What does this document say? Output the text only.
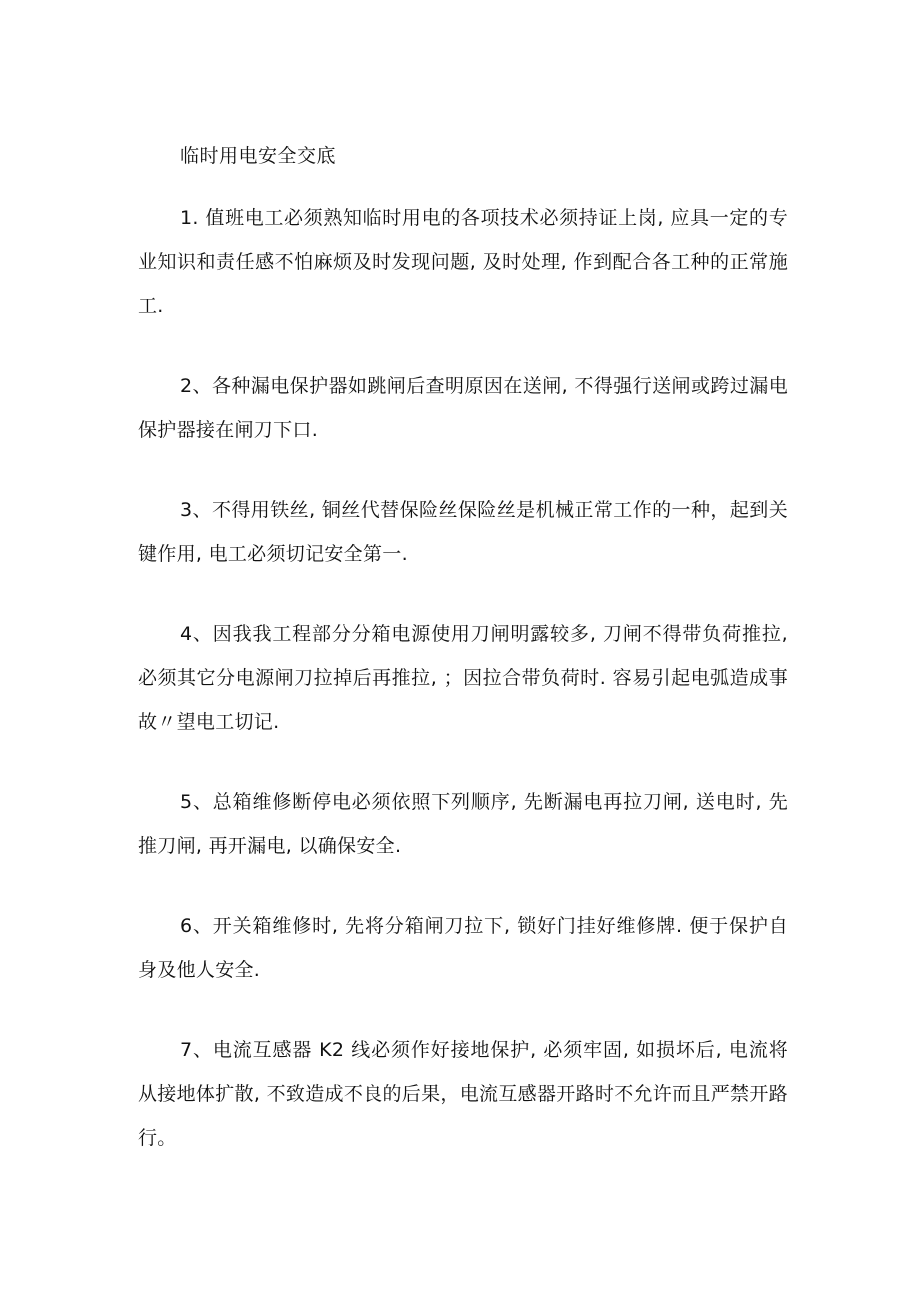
临时用电安全交底

1. 值班电工必须熟知临时用电的各项技术必须持证上岗, 应具一定的专业知识和责任感不怕麻烦及时发现问题, 及时处理, 作到配合各工种的正常施工.

2、各种漏电保护器如跳闸后查明原因在送闸, 不得强行送闸或跨过漏电保护器接在闸刀下口.

3、不得用铁丝, 铜丝代替保险丝保险丝是机械正常工作的一种，起到关键作用, 电工必须切记安全第一.

4、因我我工程部分分箱电源使用刀闸明露较多, 刀闸不得带负荷推拉, 必须其它分电源闸刀拉掉后再推拉, ；因拉合带负荷时. 容易引起电弧造成事故〃望电工切记.

5、总箱维修断停电必须依照下列顺序, 先断漏电再拉刀闸, 送电时, 先推刀闸, 再开漏电, 以确保安全.

6、开关箱维修时, 先将分箱闸刀拉下, 锁好门挂好维修牌. 便于保护自身及他人安全.

7、电流互感器 K2 线必须作好接地保护, 必须牢固, 如损坏后, 电流将从接地体扩散, 不致造成不良的后果，电流互感器开路时不允许而且严禁开路行。
